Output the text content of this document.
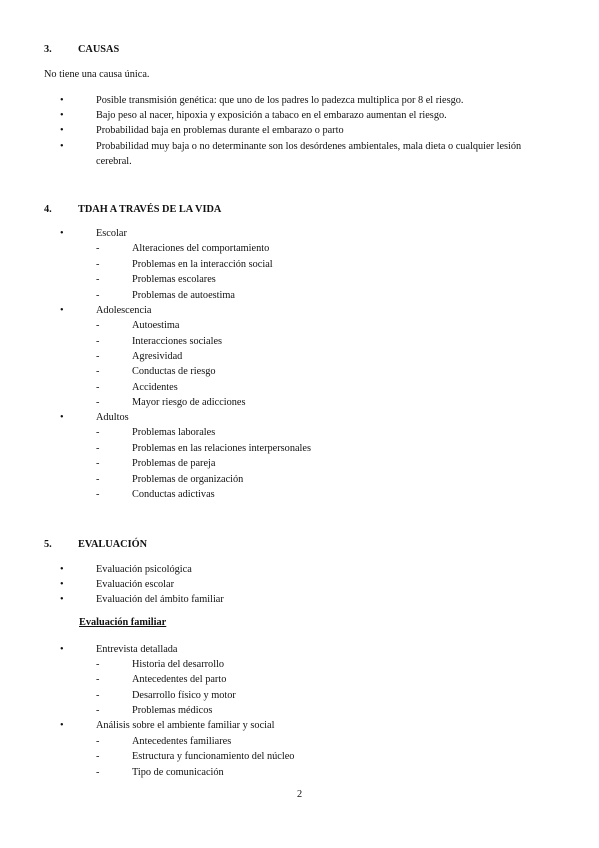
3.	CAUSAS
No tiene una causa única.
•	Posible transmisión genética: que uno de los padres lo padezca multiplica por 8 el riesgo.
•	Bajo peso al nacer, hipoxia y exposición a tabaco en el embarazo aumentan el riesgo.
•	Probabilidad baja en problemas durante el embarazo o parto
•	Probabilidad muy baja o no determinante son los desórdenes ambientales, mala dieta o cualquier lesión cerebral.
4.	TDAH A TRAVÉS DE LA VIDA
•	Escolar
-	Alteraciones del comportamiento
-	Problemas en la interacción social
-	Problemas escolares
-	Problemas de autoestima
•	Adolescencia
-	Autoestima
-	Interacciones sociales
-	Agresividad
-	Conductas de riesgo
-	Accidentes
-	Mayor riesgo de adicciones
•	Adultos
-	Problemas laborales
-	Problemas en las relaciones interpersonales
-	Problemas de pareja
-	Problemas de organización
-	Conductas adictivas
5.	EVALUACIÓN
•	Evaluación psicológica
•	Evaluación escolar
•	Evaluación del ámbito familiar
Evaluación familiar
•	Entrevista detallada
-	Historia del desarrollo
-	Antecedentes del parto
-	Desarrollo físico y motor
-	Problemas médicos
•	Análisis sobre el ambiente familiar y social
-	Antecedentes familiares
-	Estructura y funcionamiento del núcleo
-	Tipo de comunicación
2
